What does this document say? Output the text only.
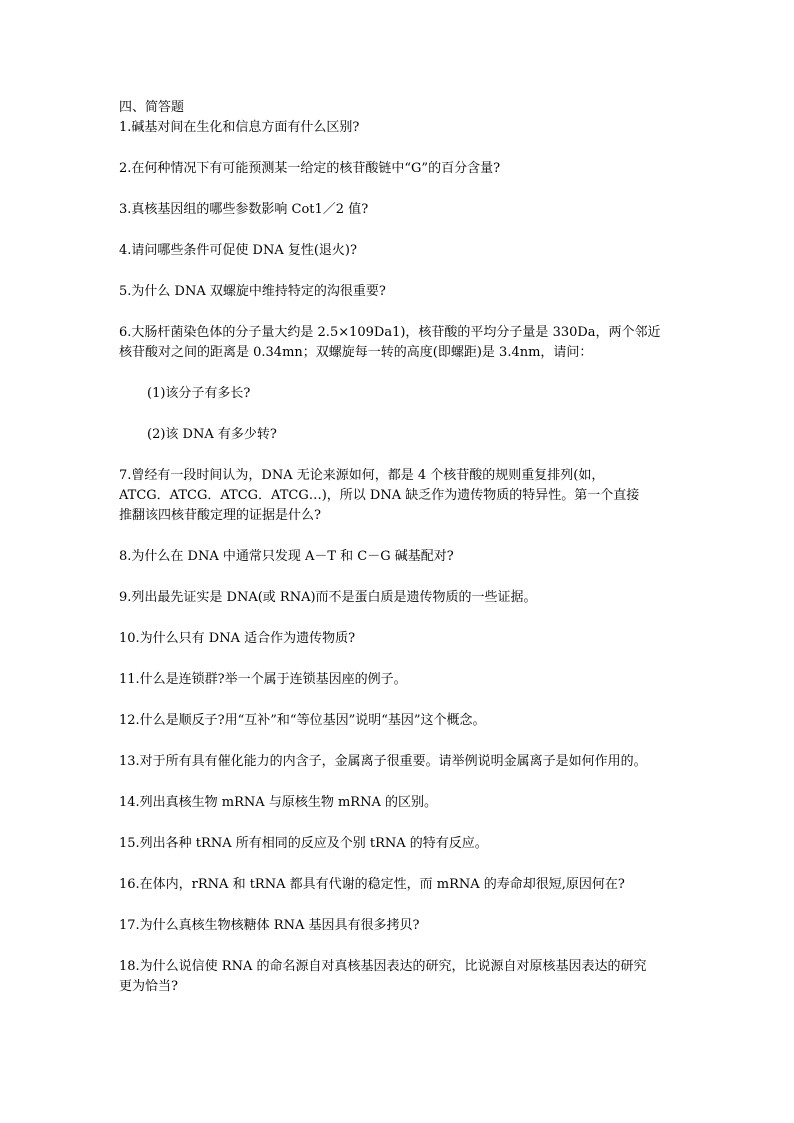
四、简答题

1.碱基对间在生化和信息方面有什么区别?
2.在何种情况下有可能预测某一给定的核苷酸链中“G”的百分含量?
3.真核基因组的哪些参数影响 Cot1／2 值?
4.请问哪些条件可促使 DNA 复性(退火)?
5.为什么 DNA 双螺旋中维持特定的沟很重要?
6.大肠杆菌染色体的分子量大约是 2.5×109Da1)，核苷酸的平均分子量是 330Da，两个邻近
核苷酸对之间的距离是 0.34mn；双螺旋每一转的高度(即螺距)是 3.4nm，请问：
(1)该分子有多长?
(2)该 DNA 有多少转?
7.曾经有一段时间认为，DNA 无论来源如何，都是 4 个核苷酸的规则重复排列(如，
ATCG．ATCG．ATCG．ATCG…)，所以 DNA 缺乏作为遗传物质的特异性。第一个直接
推翻该四核苷酸定理的证据是什么?
8.为什么在 DNA 中通常只发现 A－T 和 C－G 碱基配对?
9.列出最先证实是 DNA(或 RNA)而不是蛋白质是遗传物质的一些证据。
10.为什么只有 DNA 适合作为遗传物质?
11.什么是连锁群?举一个属于连锁基因座的例子。
12.什么是顺反子?用“互补”和“等位基因”说明“基因”这个概念。
13.对于所有具有催化能力的内含子，金属离子很重要。请举例说明金属离子是如何作用的。
14.列出真核生物 mRNA 与原核生物 mRNA 的区别。
15.列出各种 tRNA 所有相同的反应及个别 tRNA 的特有反应。
16.在体内，rRNA 和 tRNA 都具有代谢的稳定性，而 mRNA 的寿命却很短,原因何在?
17.为什么真核生物核糖体 RNA 基因具有很多拷贝?
18.为什么说信使 RNA 的命名源自对真核基因表达的研究，比说源自对原核基因表达的研究
更为恰当?
